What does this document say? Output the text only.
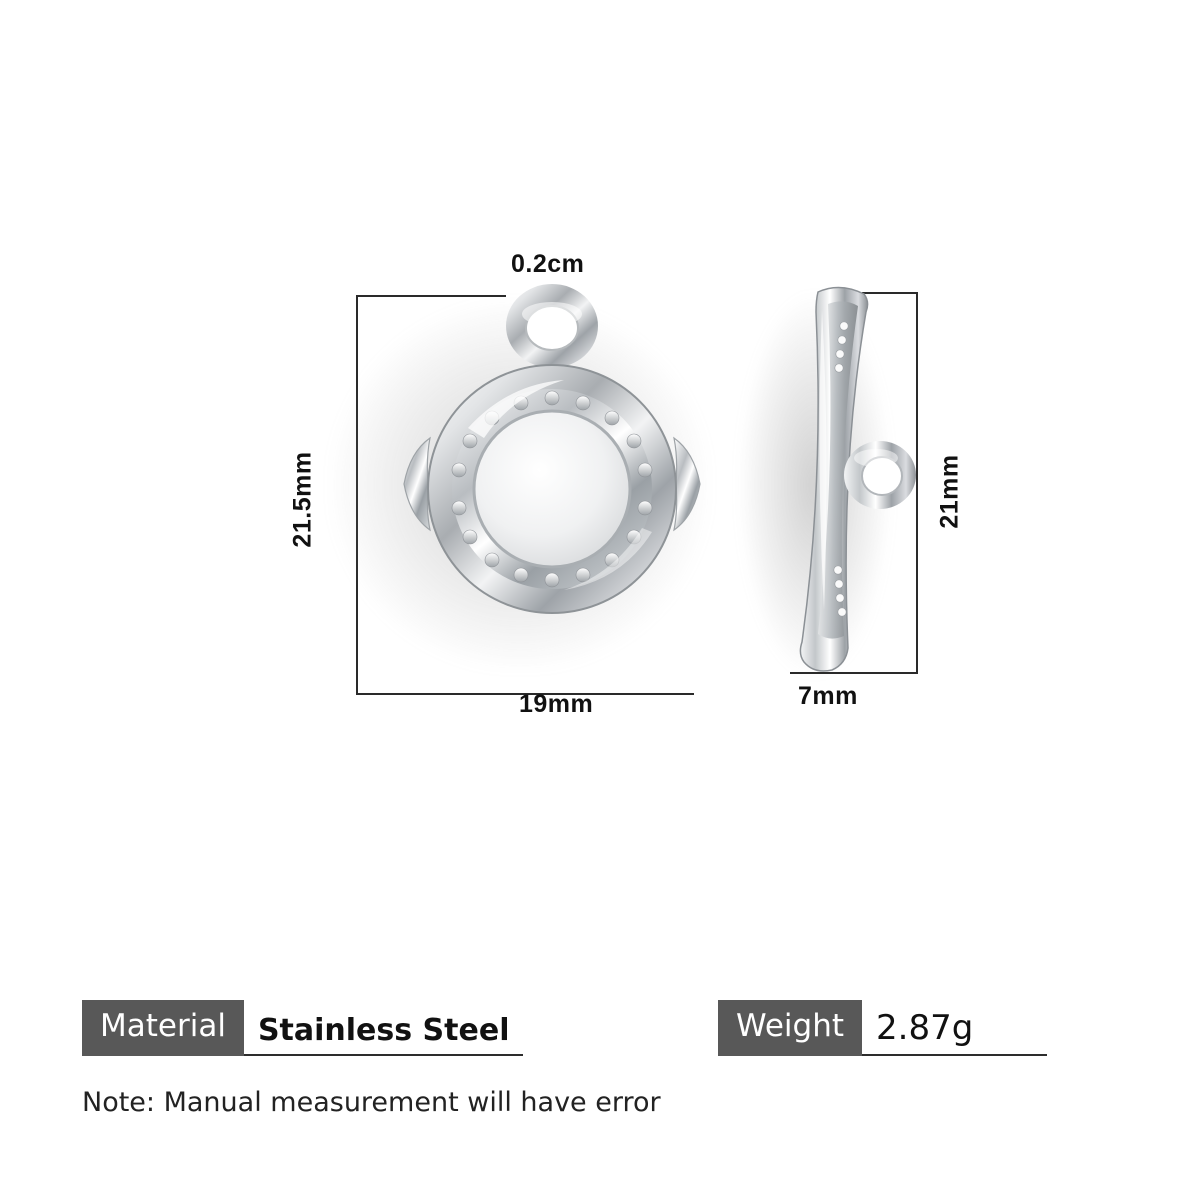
0.2cm
21.5mm
19mm
21mm
7mm
Material	Stainless Steel	Weight 2.87g
Note: Manual measurement will have error
